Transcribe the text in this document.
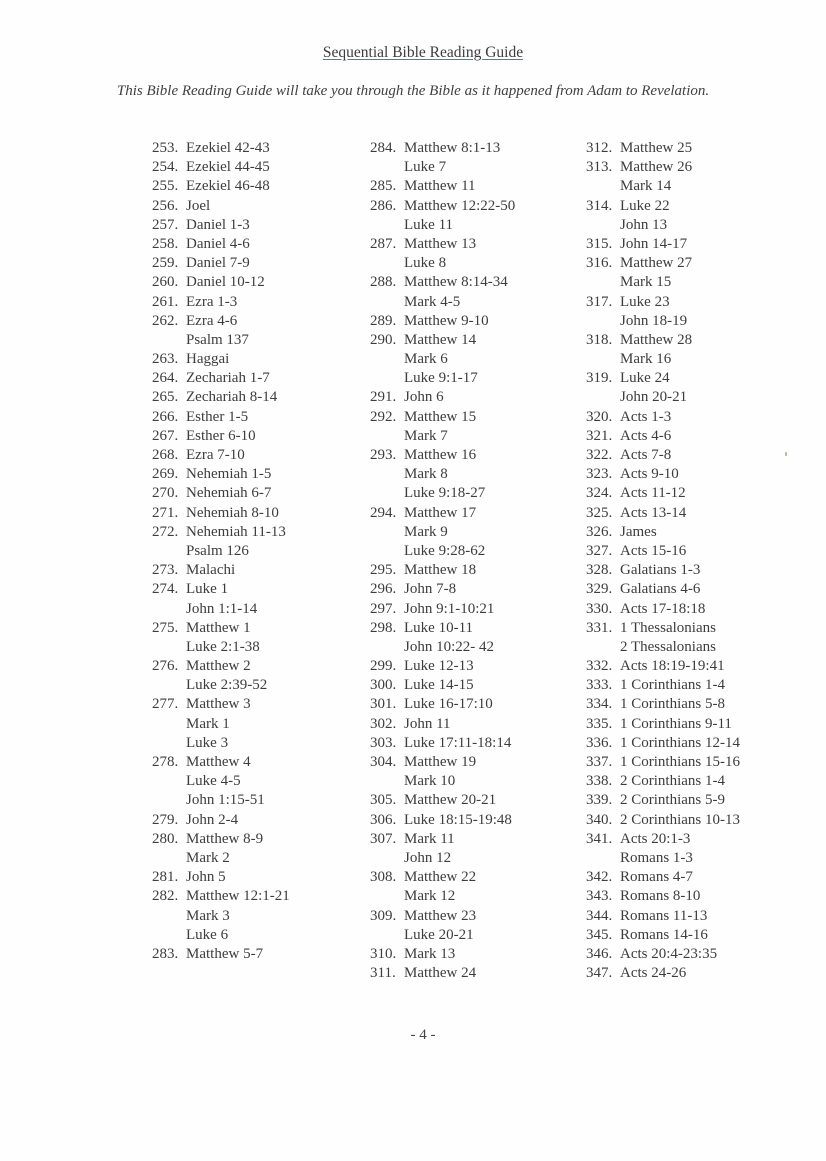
Sequential Bible Reading Guide
This Bible Reading Guide will take you through the Bible as it happened from Adam to Revelation.
253. Ezekiel 42-43
254. Ezekiel 44-45
255. Ezekiel 46-48
256. Joel
257. Daniel 1-3
258. Daniel 4-6
259. Daniel 7-9
260. Daniel 10-12
261. Ezra 1-3
262. Ezra 4-6
Psalm 137
263. Haggai
264. Zechariah 1-7
265. Zechariah 8-14
266. Esther 1-5
267. Esther 6-10
268. Ezra 7-10
269. Nehemiah 1-5
270. Nehemiah 6-7
271. Nehemiah 8-10
272. Nehemiah 11-13
Psalm 126
273. Malachi
274. Luke 1
John 1:1-14
275. Matthew 1
Luke 2:1-38
276. Matthew 2
Luke 2:39-52
277. Matthew 3
Mark 1
Luke 3
278. Matthew 4
Luke 4-5
John 1:15-51
279. John 2-4
280. Matthew 8-9
Mark 2
281. John 5
282. Matthew 12:1-21
Mark 3
Luke 6
283. Matthew 5-7
284. Matthew 8:1-13
Luke 7
285. Matthew 11
286. Matthew 12:22-50
Luke 11
287. Matthew 13
Luke 8
288. Matthew 8:14-34
Mark 4-5
289. Matthew 9-10
290. Matthew 14
Mark 6
Luke 9:1-17
291. John 6
292. Matthew 15
Mark 7
293. Matthew 16
Mark 8
Luke 9:18-27
294. Matthew 17
Mark 9
Luke 9:28-62
295. Matthew 18
296. John 7-8
297. John 9:1-10:21
298. Luke 10-11
John 10:22- 42
299. Luke 12-13
300. Luke 14-15
301. Luke 16-17:10
302. John 11
303. Luke 17:11-18:14
304. Matthew 19
Mark 10
305. Matthew 20-21
306. Luke 18:15-19:48
307. Mark 11
John 12
308. Matthew 22
Mark 12
309. Matthew 23
Luke 20-21
310. Mark 13
311. Matthew 24
312. Matthew 25
313. Matthew 26
Mark 14
314. Luke 22
John 13
315. John 14-17
316. Matthew 27
Mark 15
317. Luke 23
John 18-19
318. Matthew 28
Mark 16
319. Luke 24
John 20-21
320. Acts 1-3
321. Acts 4-6
322. Acts 7-8
323. Acts 9-10
324. Acts 11-12
325. Acts 13-14
326. James
327. Acts 15-16
328. Galatians 1-3
329. Galatians 4-6
330. Acts 17-18:18
331. 1 Thessalonians
2 Thessalonians
332. Acts 18:19-19:41
333. 1 Corinthians 1-4
334. 1 Corinthians 5-8
335. 1 Corinthians 9-11
336. 1 Corinthians 12-14
337. 1 Corinthians 15-16
338. 2 Corinthians 1-4
339. 2 Corinthians 5-9
340. 2 Corinthians 10-13
341. Acts 20:1-3
Romans 1-3
342. Romans 4-7
343. Romans 8-10
344. Romans 11-13
345. Romans 14-16
346. Acts 20:4-23:35
347. Acts 24-26
- 4 -
